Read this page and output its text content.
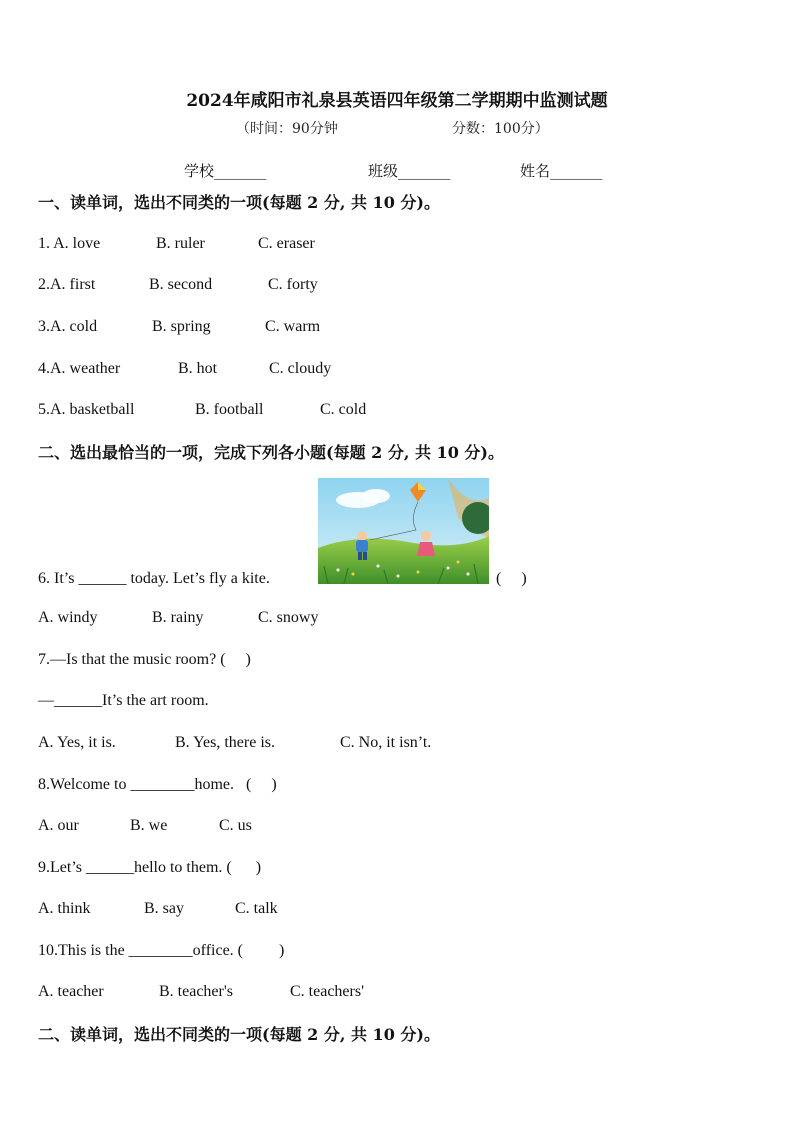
2024年咸阳市礼泉县英语四年级第二学期期中监测试题
（时间：90分钟	分数：100分）
学校_______	班级_______	姓名_______
一、读单词，选出不同类的一项(每题 2 分, 共 10 分)。
1. A. love	B. ruler	C. eraser
2.A. first	B. second	C. forty
3.A. cold	B. spring	C. warm
4.A. weather	B. hot	C. cloudy
5.A. basketball	B. football	C. cold
二、选出最恰当的一项，完成下列各小题(每题 2 分, 共 10 分)。
6. It’s ______ today. Let’s fly a kite.	(     )
A. windy	B. rainy	C. snowy
7.—Is that the music room? (     )
—______It’s the art room.
A. Yes, it is.	B. Yes, there is.	C. No, it isn’t.
8.Welcome to ________home.   (     )
A. our	B. we	C. us
9.Let’s ______hello to them. (      )
A. think	B. say	C. talk
10.This is the ________office. (         )
A. teacher	B. teacher's	C. teachers'
二、读单词，选出不同类的一项(每题 2 分, 共 10 分)。
